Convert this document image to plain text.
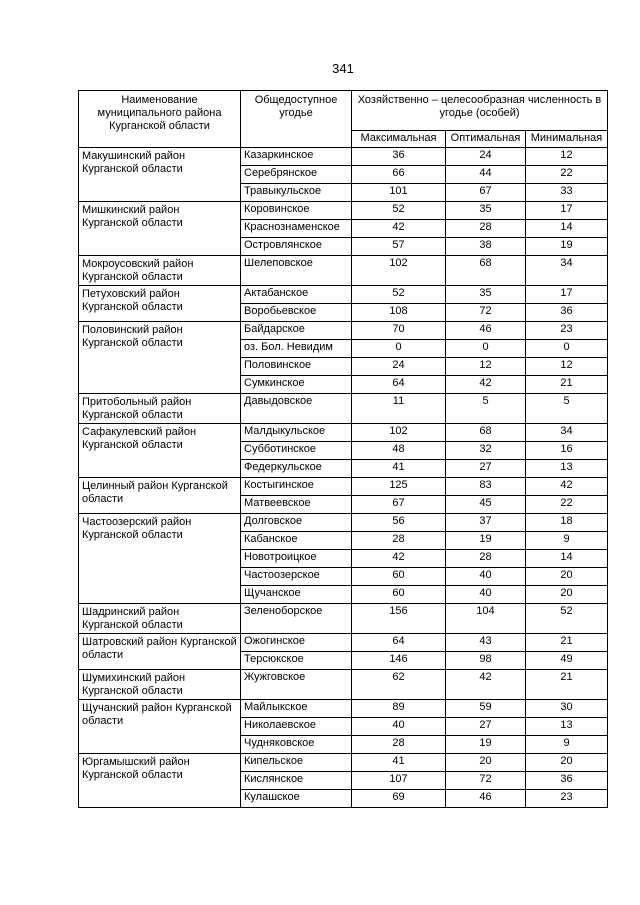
341
Наименование муниципального района Курганской области	Общедоступное угодье	Хозяйственно – целесообразная численность в угодье (особей)		
		Максимальная	Оптимальная	Минимальная
Макушинский район Курганской области	Казаркинское	36	24	12
	Серебрянское	66	44	22
	Травыкульское	101	67	33
Мишкинский район Курганской области	Коровинское	52	35	17
	Краснознаменское	42	28	14
	Островлянское	57	38	19
Мокроусовский район Курганской области	Шелеповское	102	68	34
Петуховский район Курганской области	Актабанское	52	35	17
	Воробьевское	108	72	36
Половинский район Курганской области	Байдарское	70	46	23
	оз. Бол. Невидим	0	0	0
	Половинское	24	12	12
	Сумкинское	64	42	21
Притобольный район Курганской области	Давыдовское	11	5	5
Сафакулевский район Курганской области	Малдыкульское	102	68	34
	Субботинское	48	32	16
	Федеркульское	41	27	13
Целинный район Курганской области	Костыгинское	125	83	42
	Матвеевское	67	45	22
Частоозерский район Курганской области	Долговское	56	37	18
	Кабанское	28	19	9
	Новотроицкое	42	28	14
	Частоозерское	60	40	20
	Щучанское	60	40	20
Шадринский район Курганской области	Зеленоборское	156	104	52
Шатровский район Курганской области	Ожогинское	64	43	21
	Терсюкское	146	98	49
Шумихинский район Курганской области	Жужговское	62	42	21
Щучанский район Курганской области	Майлыкское	89	59	30
	Николаевское	40	27	13
	Чудняковское	28	19	9
Юргамышский район Курганской области	Кипельское	41	20	20
	Кислянское	107	72	36
	Кулашское	69	46	23
